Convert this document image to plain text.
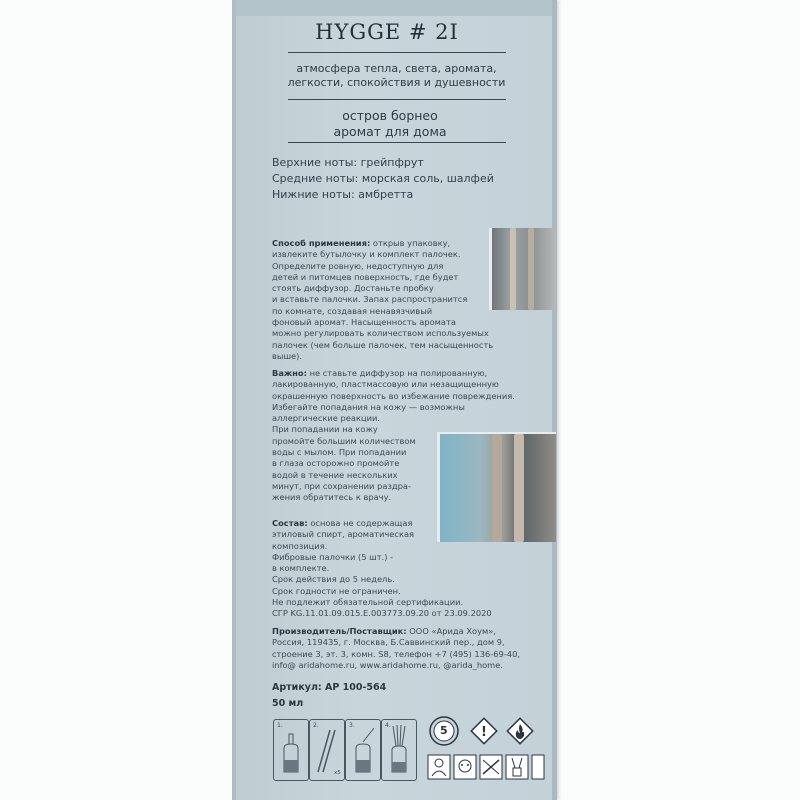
HYGGE # 2I
атмосфера тепла, света, аромата,
легкости, спокойствия и душевности
остров борнео
аромат для дома
Верхние ноты: грейпфрут
Средние ноты: морская соль, шалфей
Нижние ноты: амбретта
Способ применения: открыв упаковку,
извлеките бутылочку и комплект палочек.
Определите ровную, недоступную для
детей и питомцев поверхность, где будет
стоять диффузор. Достаньте пробку
и вставьте палочки. Запах распространится
по комнате, создавая ненавязчивый
фоновый аромат. Насыщенность аромата
можно регулировать количеством используемых
палочек (чем больше палочек, тем насыщенность
выше).
Важно: не ставьте диффузор на полированную,
лакированную, пластмассовую или незащищенную
окрашенную поверхность во избежание повреждения.
Избегайте попадания на кожу — возможны
аллергические реакции.
При попадании на кожу
промойте большим количеством
воды с мылом. При попадании
в глаза осторожно промойте
водой в течение нескольких
минут, при сохранении раздра-
жения обратитесь к врачу.
Состав: основа не содержащая
этиловый спирт, ароматическая
композиция.
Фибровые палочки (5 шт.) -
в комплекте.
Срок действия до 5 недель.
Срок годности не ограничен.
Не подлежит обязательной сертификации.
СГР KG.11.01.09.015.Е.003773.09.20 от 23.09.2020
Производитель/Поставщик: ООО «Арида Хоум»,
Россия, 119435, г. Москва, Б.Саввинский пер., дом 9,
строение 3, эт. 3, комн. S8, телефон +7 (495) 136-69-40,
info@ aridahome.ru, www.aridahome.ru, @arida_home.
Артикул: AP 100-564
50 мл
1.	2.
x5
3.	4.	5	!
